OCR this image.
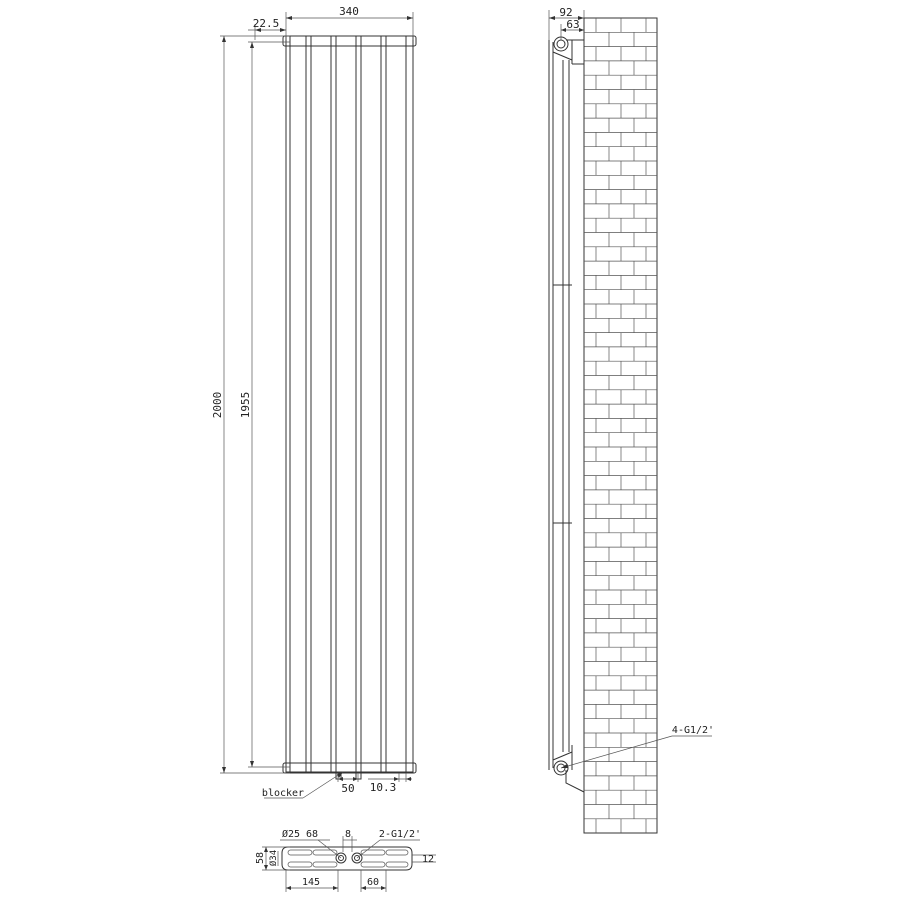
340
22.5
2000 1955
50 10.3
blocker
92
63
4-G1/2'
Ø25 68	8	2-G1/2'
58 Ø34	12
145	60
